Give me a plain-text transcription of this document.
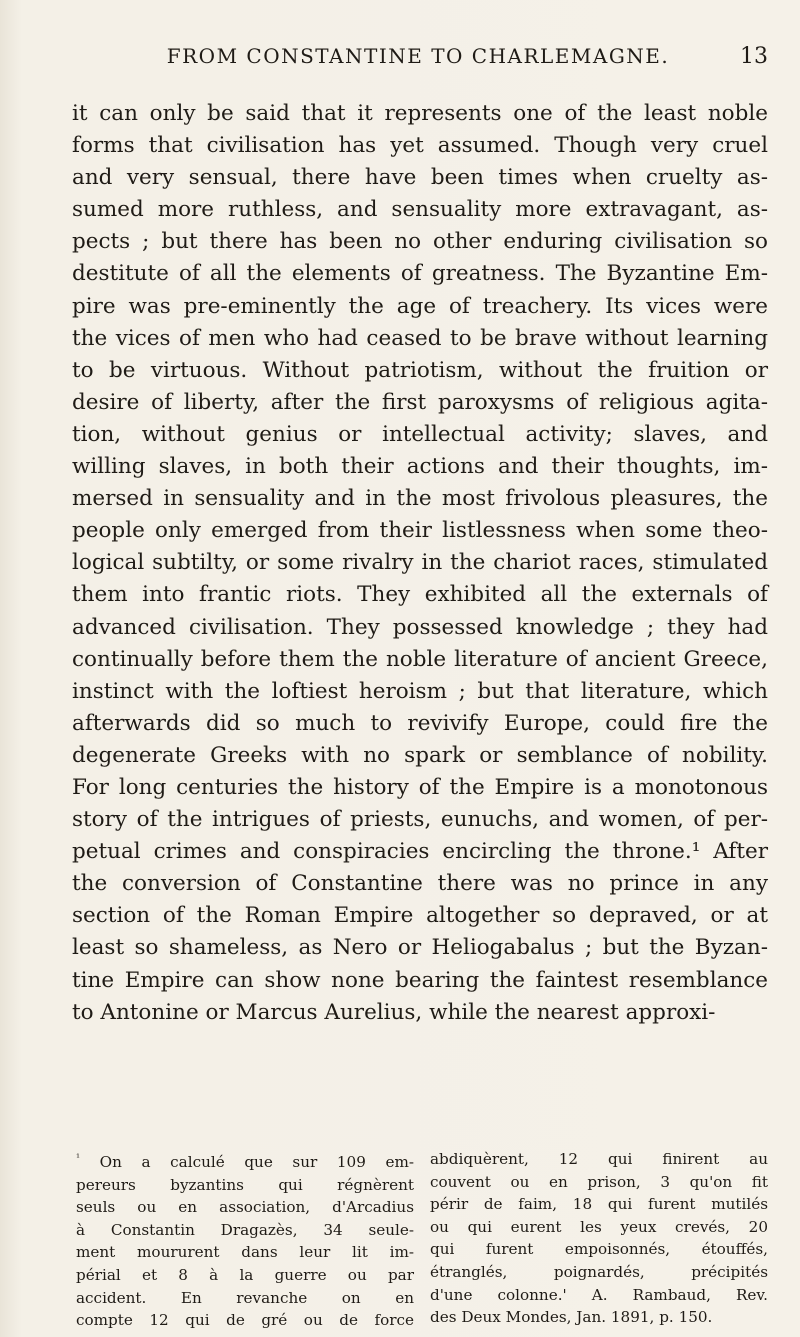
FROM CONSTANTINE TO CHARLEMAGNE.	13
it can only be said that it represents one of the least noble
forms that civilisation has yet assumed. Though very cruel
and very sensual, there have been times when cruelty as-
sumed more ruthless, and sensuality more extravagant, as-
pects ; but there has been no other enduring civilisation so
destitute of all the elements of greatness. The Byzantine Em-
pire was pre-eminently the age of treachery. Its vices were
the vices of men who had ceased to be brave without learning
to be virtuous. Without patriotism, without the fruition or
desire of liberty, after the first paroxysms of religious agita-
tion, without genius or intellectual activity; slaves, and
willing slaves, in both their actions and their thoughts, im-
mersed in sensuality and in the most frivolous pleasures, the
people only emerged from their listlessness when some theo-
logical subtilty, or some rivalry in the chariot races, stimulated
them into frantic riots. They exhibited all the externals of
advanced civilisation. They possessed knowledge ; they had
continually before them the noble literature of ancient Greece,
instinct with the loftiest heroism ; but that literature, which
afterwards did so much to revivify Europe, could fire the
degenerate Greeks with no spark or semblance of nobility.
For long centuries the history of the Empire is a monotonous
story of the intrigues of priests, eunuchs, and women, of per-
petual crimes and conspiracies encircling the throne.¹ After
the conversion of Constantine there was no prince in any
section of the Roman Empire altogether so depraved, or at
least so shameless, as Nero or Heliogabalus ; but the Byzan-
tine Empire can show none bearing the faintest resemblance
to Antonine or Marcus Aurelius, while the nearest approxi-
$^{^1}$ On a calculé que sur 109 em-
pereurs byzantins qui régnèrent
seuls ou en association, d'Arcadius
à Constantin Dragazès, 34 seule-
ment moururent dans leur lit im-
périal et 8 à la guerre ou par
accident. En revanche on en
compte 12 qui de gré ou de force
abdiquèrent, 12 qui finirent au
couvent ou en prison, 3 qu'on fit
périr de faim, 18 qui furent mutilés
ou qui eurent les yeux crevés, 20
qui furent empoisonnés, étouffés,
étranglés, poignardés, précipités
d'une colonne.' A. Rambaud, Rev.
des Deux Mondes, Jan. 1891, p. 150.
